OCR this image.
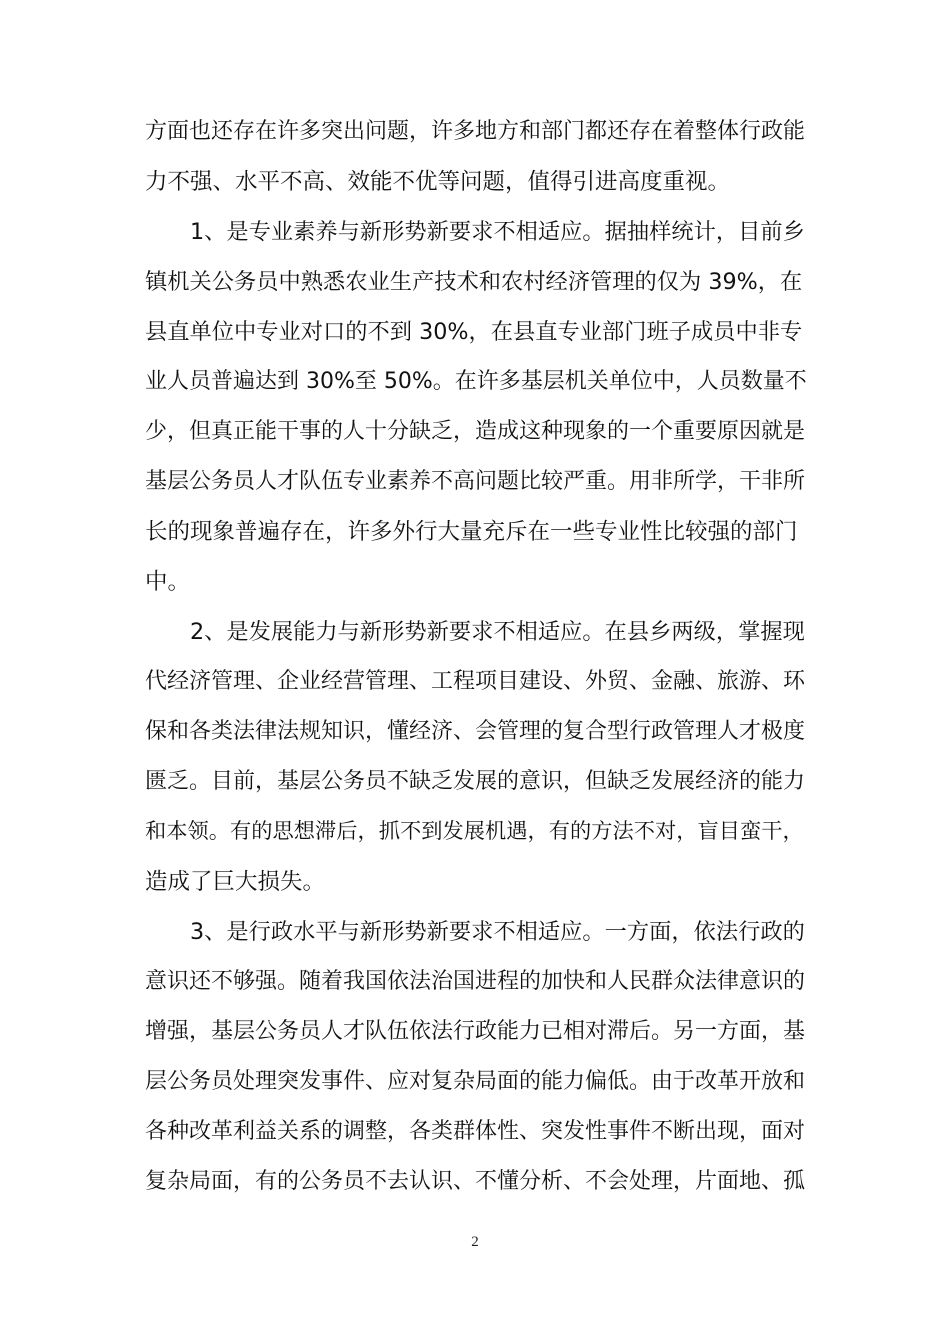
方面也还存在许多突出问题，许多地方和部门都还存在着整体行政能
力不强、水平不高、效能不优等问题，值得引进高度重视。
1、是专业素养与新形势新要求不相适应。据抽样统计，目前乡
镇机关公务员中熟悉农业生产技术和农村经济管理的仅为 39%，在
县直单位中专业对口的不到 30%，在县直专业部门班子成员中非专
业人员普遍达到 30%至 50%。在许多基层机关单位中，人员数量不
少，但真正能干事的人十分缺乏，造成这种现象的一个重要原因就是
基层公务员人才队伍专业素养不高问题比较严重。用非所学，干非所
长的现象普遍存在，许多外行大量充斥在一些专业性比较强的部门
中。
2、是发展能力与新形势新要求不相适应。在县乡两级，掌握现
代经济管理、企业经营管理、工程项目建设、外贸、金融、旅游、环
保和各类法律法规知识，懂经济、会管理的复合型行政管理人才极度
匮乏。目前，基层公务员不缺乏发展的意识，但缺乏发展经济的能力
和本领。有的思想滞后，抓不到发展机遇，有的方法不对，盲目蛮干，
造成了巨大损失。
3、是行政水平与新形势新要求不相适应。一方面，依法行政的
意识还不够强。随着我国依法治国进程的加快和人民群众法律意识的
增强，基层公务员人才队伍依法行政能力已相对滞后。另一方面，基
层公务员处理突发事件、应对复杂局面的能力偏低。由于改革开放和
各种改革利益关系的调整，各类群体性、突发性事件不断出现，面对
复杂局面，有的公务员不去认识、不懂分析、不会处理，片面地、孤
2
